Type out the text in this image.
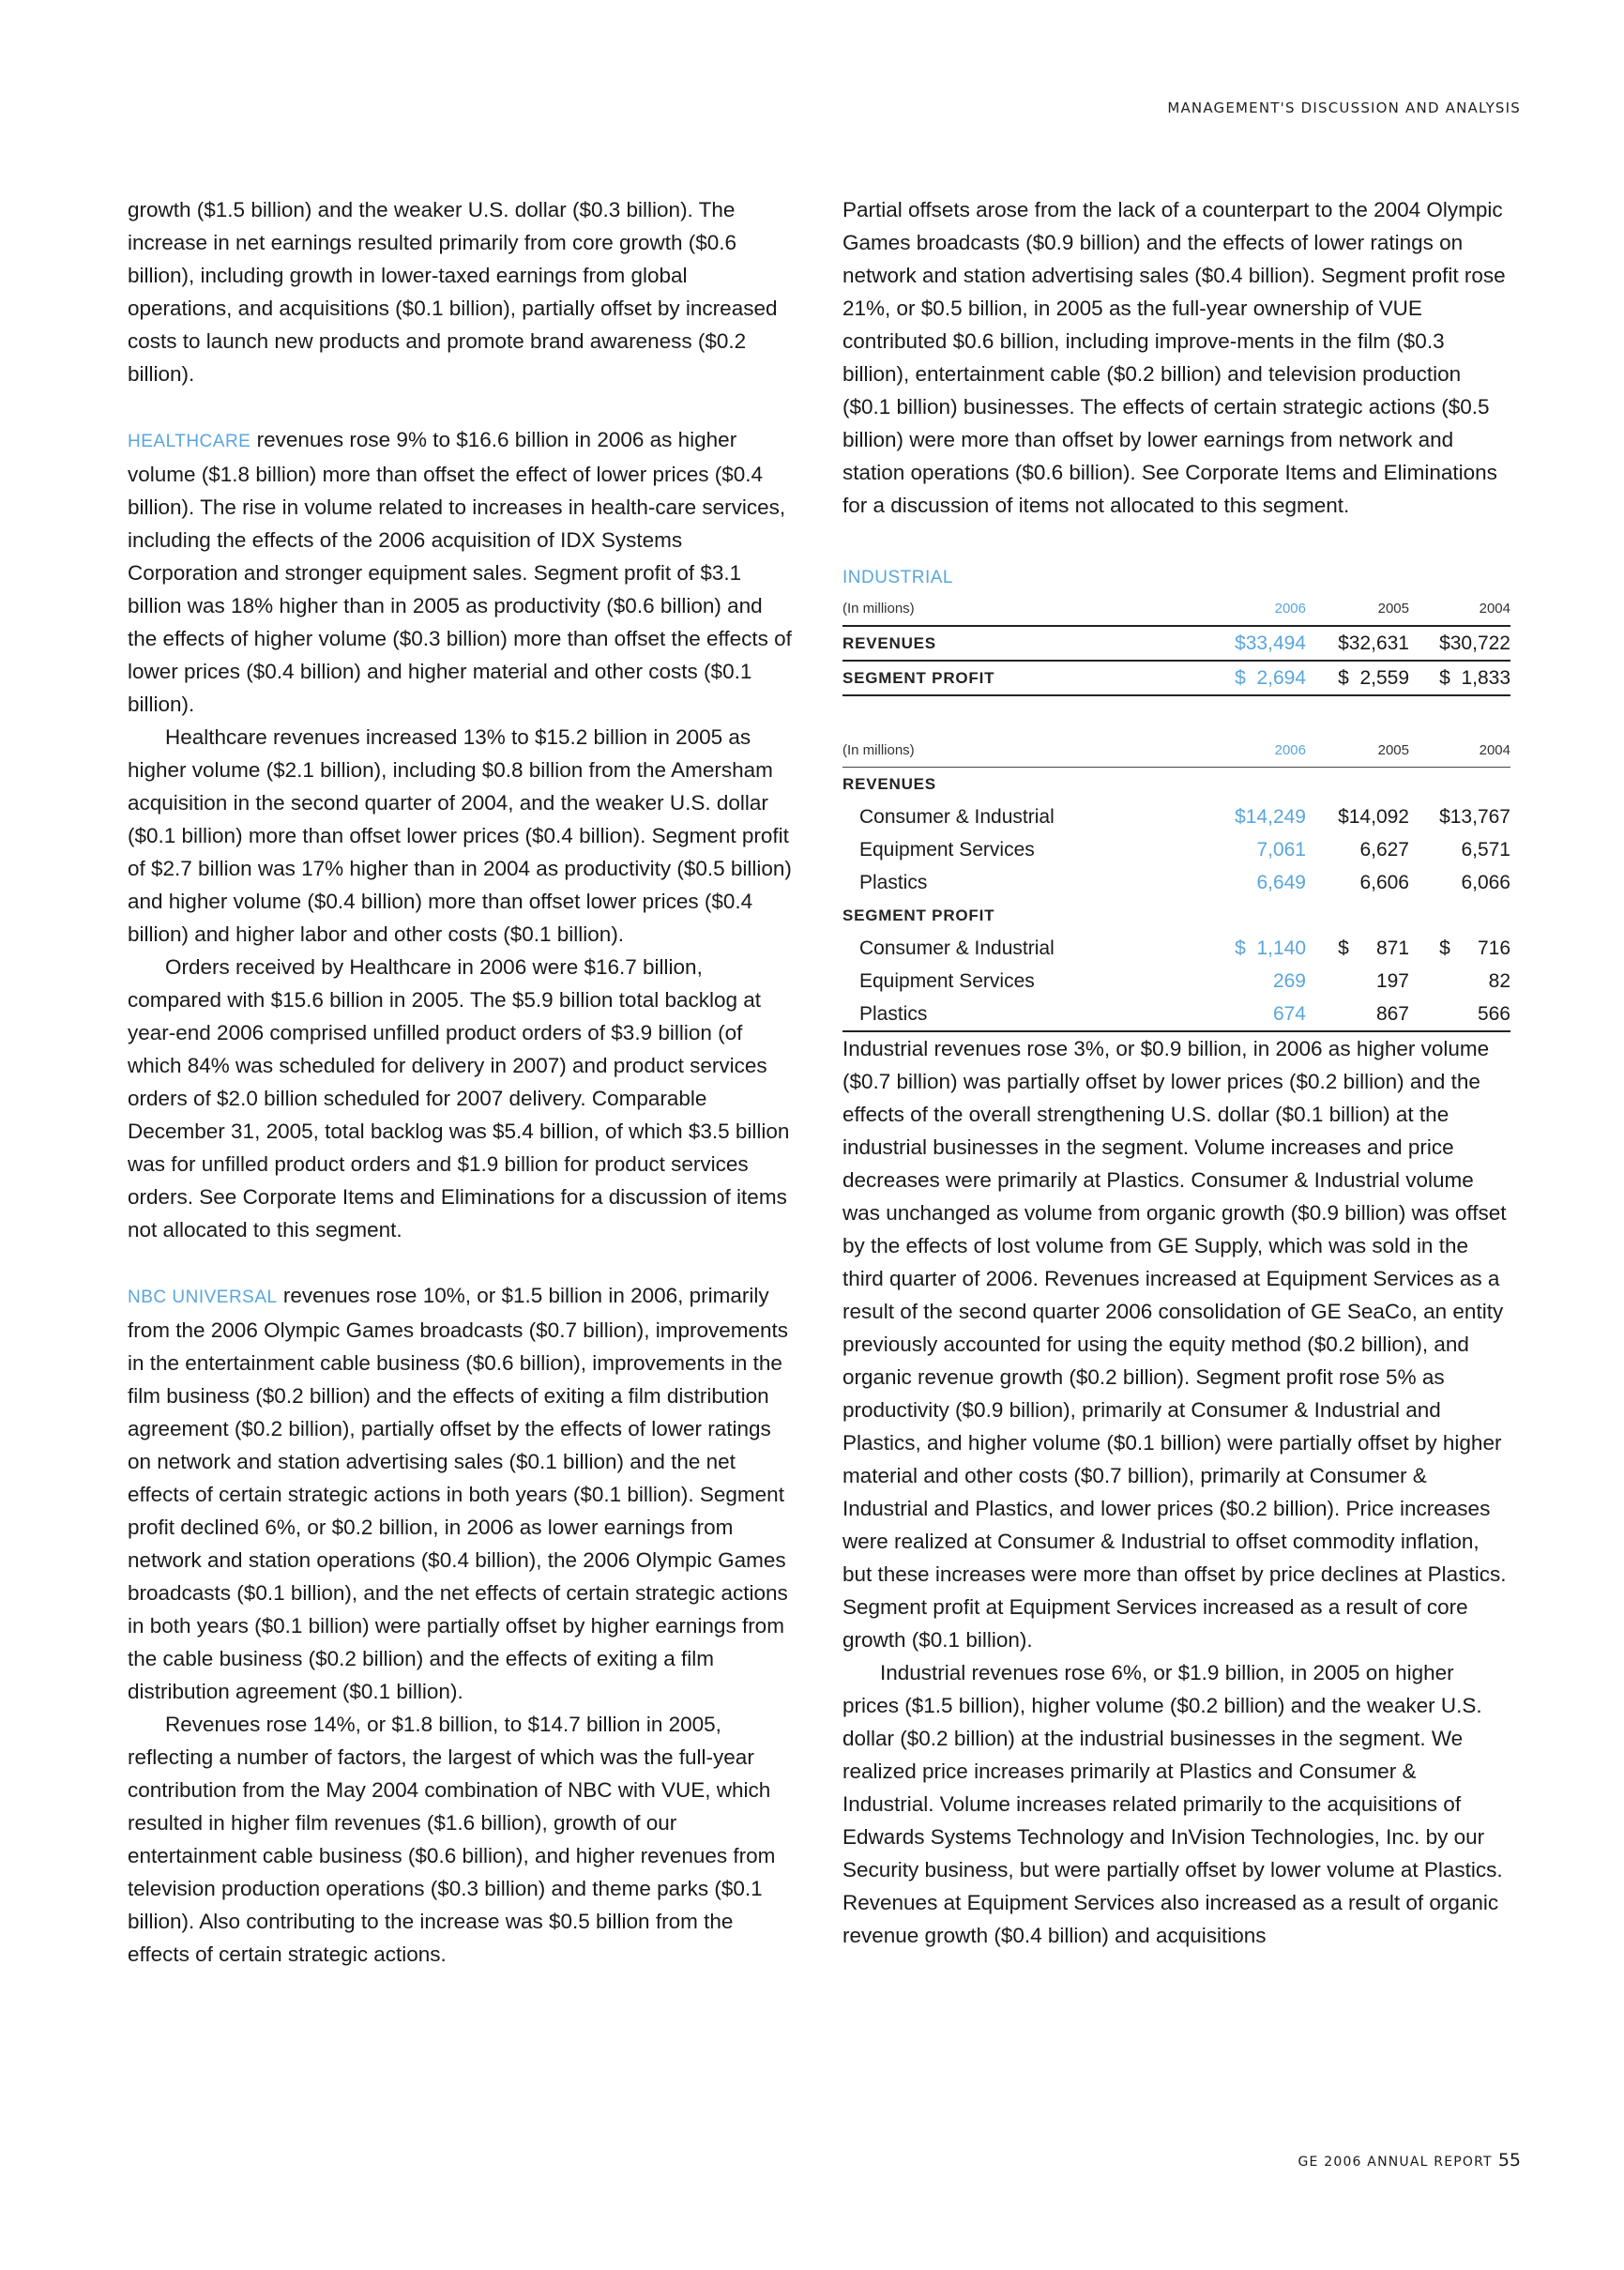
MANAGEMENT'S DISCUSSION AND ANALYSIS

growth ($1.5 billion) and the weaker U.S. dollar ($0.3 billion). The increase in net earnings resulted primarily from core growth ($0.6 billion), including growth in lower-taxed earnings from global operations, and acquisitions ($0.1 billion), partially offset by increased costs to launch new products and promote brand awareness ($0.2 billion).

HEALTHCARE revenues rose 9% to $16.6 billion in 2006 as higher volume ($1.8 billion) more than offset the effect of lower prices ($0.4 billion). The rise in volume related to increases in health-care services, including the effects of the 2006 acquisition of IDX Systems Corporation and stronger equipment sales. Segment profit of $3.1 billion was 18% higher than in 2005 as productivity ($0.6 billion) and the effects of higher volume ($0.3 billion) more than offset the effects of lower prices ($0.4 billion) and higher material and other costs ($0.1 billion).

Healthcare revenues increased 13% to $15.2 billion in 2005 as higher volume ($2.1 billion), including $0.8 billion from the Amersham acquisition in the second quarter of 2004, and the weaker U.S. dollar ($0.1 billion) more than offset lower prices ($0.4 billion). Segment profit of $2.7 billion was 17% higher than in 2004 as productivity ($0.5 billion) and higher volume ($0.4 billion) more than offset lower prices ($0.4 billion) and higher labor and other costs ($0.1 billion).

Orders received by Healthcare in 2006 were $16.7 billion, compared with $15.6 billion in 2005. The $5.9 billion total backlog at year-end 2006 comprised unfilled product orders of $3.9 billion (of which 84% was scheduled for delivery in 2007) and product services orders of $2.0 billion scheduled for 2007 delivery. Comparable December 31, 2005, total backlog was $5.4 billion, of which $3.5 billion was for unfilled product orders and $1.9 billion for product services orders. See Corporate Items and Eliminations for a discussion of items not allocated to this segment.

NBC UNIVERSAL revenues rose 10%, or $1.5 billion in 2006, primarily from the 2006 Olympic Games broadcasts ($0.7 billion), improvements in the entertainment cable business ($0.6 billion), improvements in the film business ($0.2 billion) and the effects of exiting a film distribution agreement ($0.2 billion), partially offset by the effects of lower ratings on network and station advertising sales ($0.1 billion) and the net effects of certain strategic actions in both years ($0.1 billion). Segment profit declined 6%, or $0.2 billion, in 2006 as lower earnings from network and station operations ($0.4 billion), the 2006 Olympic Games broadcasts ($0.1 billion), and the net effects of certain strategic actions in both years ($0.1 billion) were partially offset by higher earnings from the cable business ($0.2 billion) and the effects of exiting a film distribution agreement ($0.1 billion).

Revenues rose 14%, or $1.8 billion, to $14.7 billion in 2005, reflecting a number of factors, the largest of which was the full-year contribution from the May 2004 combination of NBC with VUE, which resulted in higher film revenues ($1.6 billion), growth of our entertainment cable business ($0.6 billion), and higher revenues from television production operations ($0.3 billion) and theme parks ($0.1 billion). Also contributing to the increase was $0.5 billion from the effects of certain strategic actions.

Partial offsets arose from the lack of a counterpart to the 2004 Olympic Games broadcasts ($0.9 billion) and the effects of lower ratings on network and station advertising sales ($0.4 billion). Segment profit rose 21%, or $0.5 billion, in 2005 as the full-year ownership of VUE contributed $0.6 billion, including improve-ments in the film ($0.3 billion), entertainment cable ($0.2 billion) and television production ($0.1 billion) businesses. The effects of certain strategic actions ($0.5 billion) were more than offset by lower earnings from network and station operations ($0.6 billion). See Corporate Items and Eliminations for a discussion of items not allocated to this segment.

INDUSTRIAL
(In millions)	2006	2005	2004
REVENUES	$33,494	$32,631	$30,722
SEGMENT PROFIT	$  2,694	$  2,559	$  1,833
(In millions)	2006	2005	2004
REVENUES			
Consumer & Industrial	$14,249	$14,092	$13,767
Equipment Services	7,061	6,627	6,571
Plastics	6,649	6,606	6,066
SEGMENT PROFIT			
Consumer & Industrial	$  1,140	$     871	$     716
Equipment Services	269	197	82
Plastics	674	867	566

Industrial revenues rose 3%, or $0.9 billion, in 2006 as higher volume ($0.7 billion) was partially offset by lower prices ($0.2 billion) and the effects of the overall strengthening U.S. dollar ($0.1 billion) at the industrial businesses in the segment. Volume increases and price decreases were primarily at Plastics. Consumer & Industrial volume was unchanged as volume from organic growth ($0.9 billion) was offset by the effects of lost volume from GE Supply, which was sold in the third quarter of 2006. Revenues increased at Equipment Services as a result of the second quarter 2006 consolidation of GE SeaCo, an entity previously accounted for using the equity method ($0.2 billion), and organic revenue growth ($0.2 billion). Segment profit rose 5% as productivity ($0.9 billion), primarily at Consumer & Industrial and Plastics, and higher volume ($0.1 billion) were partially offset by higher material and other costs ($0.7 billion), primarily at Consumer & Industrial and Plastics, and lower prices ($0.2 billion). Price increases were realized at Consumer & Industrial to offset commodity inflation, but these increases were more than offset by price declines at Plastics. Segment profit at Equipment Services increased as a result of core growth ($0.1 billion).

Industrial revenues rose 6%, or $1.9 billion, in 2005 on higher prices ($1.5 billion), higher volume ($0.2 billion) and the weaker U.S. dollar ($0.2 billion) at the industrial businesses in the segment. We realized price increases primarily at Plastics and Consumer & Industrial. Volume increases related primarily to the acquisitions of Edwards Systems Technology and InVision Technologies, Inc. by our Security business, but were partially offset by lower volume at Plastics. Revenues at Equipment Services also increased as a result of organic revenue growth ($0.4 billion) and acquisitions

GE 2006 ANNUAL REPORT 55
